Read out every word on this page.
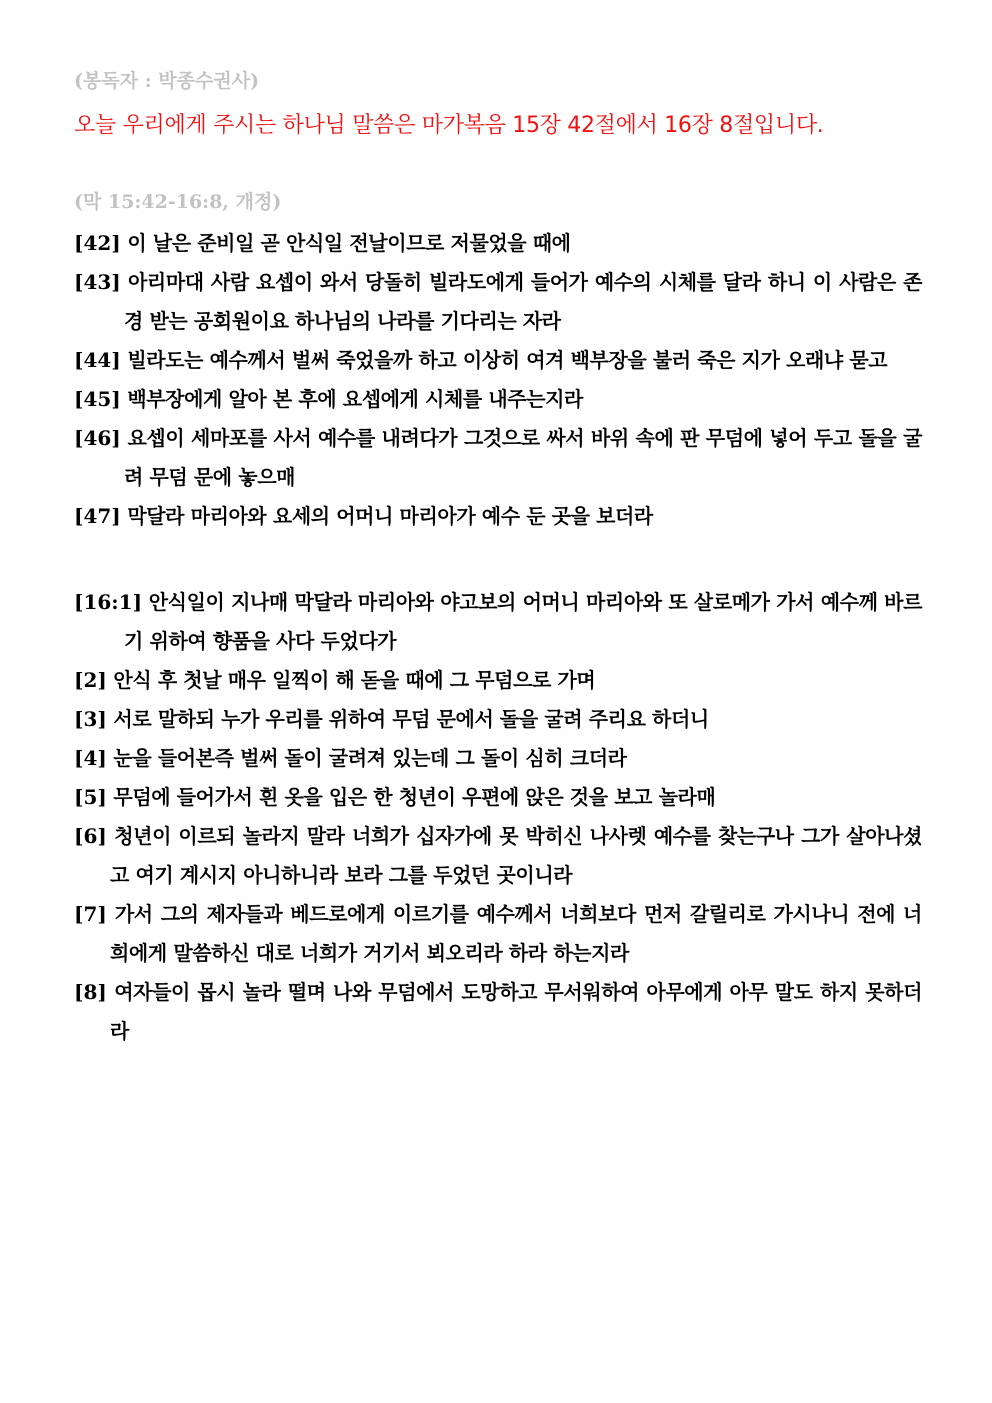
(봉독자 : 박종수권사)
오늘 우리에게 주시는 하나님 말씀은 마가복음 15장 42절에서 16장 8절입니다.
(막 15:42-16:8, 개정)

[42] 이 날은 준비일 곧 안식일 전날이므로 저물었을 때에

[43] 아리마대 사람 요셉이 와서 당돌히 빌라도에게 들어가 예수의 시체를 달라 하니 이 사람은 존경 받는 공회원이요 하나님의 나라를 기다리는 자라

[44] 빌라도는 예수께서 벌써 죽었을까 하고 이상히 여겨 백부장을 불러 죽은 지가 오래냐 묻고

[45] 백부장에게 알아 본 후에 요셉에게 시체를 내주는지라

[46] 요셉이 세마포를 사서 예수를 내려다가 그것으로 싸서 바위 속에 판 무덤에 넣어 두고 돌을 굴려 무덤 문에 놓으매

[47] 막달라 마리아와 요세의 어머니 마리아가 예수 둔 곳을 보더라

[16:1] 안식일이 지나매 막달라 마리아와 야고보의 어머니 마리아와 또 살로메가 가서 예수께 바르기 위하여 향품을 사다 두었다가

[2] 안식 후 첫날 매우 일찍이 해 돋을 때에 그 무덤으로 가며

[3] 서로 말하되 누가 우리를 위하여 무덤 문에서 돌을 굴려 주리요 하더니

[4] 눈을 들어본즉 벌써 돌이 굴려져 있는데 그 돌이 심히 크더라

[5] 무덤에 들어가서 흰 옷을 입은 한 청년이 우편에 앉은 것을 보고 놀라매

[6] 청년이 이르되 놀라지 말라 너희가 십자가에 못 박히신 나사렛 예수를 찾는구나 그가 살아나셨고 여기 계시지 아니하니라 보라 그를 두었던 곳이니라

[7] 가서 그의 제자들과 베드로에게 이르기를 예수께서 너희보다 먼저 갈릴리로 가시나니 전에 너희에게 말씀하신 대로 너희가 거기서 뵈오리라 하라 하는지라

[8] 여자들이 몹시 놀라 떨며 나와 무덤에서 도망하고 무서워하여 아무에게 아무 말도 하지 못하더라
